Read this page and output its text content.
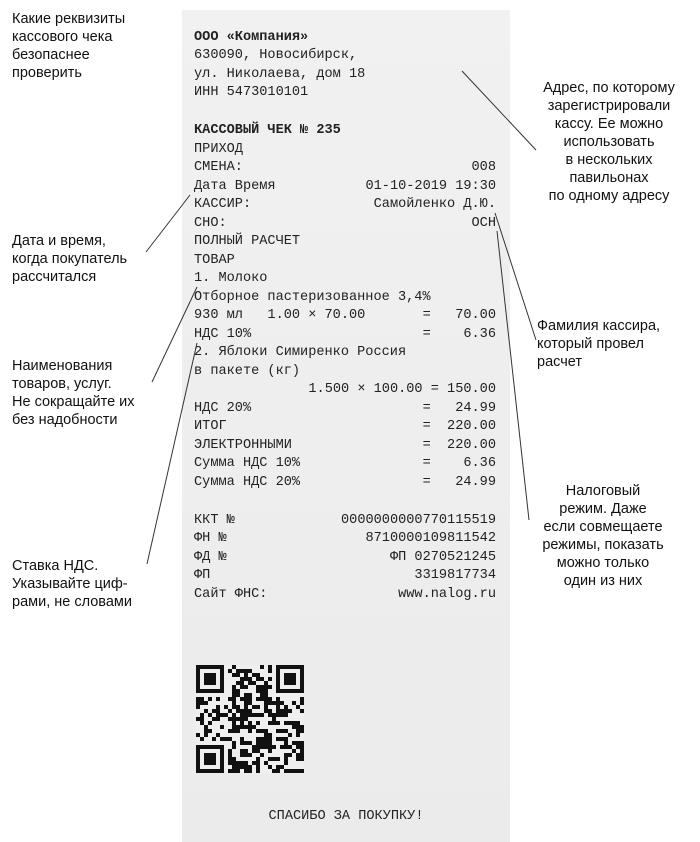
ООО «Компания»
630090, Новосибирск,
ул. Николаева, дом 18
ИНН 5473010101
КАССОВЫЙ ЧЕК № 235
ПРИХОД
СМЕНА:	008
Дата Время	01-10-2019 19:30
КАССИР:	Самойленко Д.Ю.
СНО:	ОСН
ПОЛНЫЙ РАСЧЕТ
ТОВАР
1. Молоко
Отборное пастеризованное 3,4%
930 мл   1.00 × 70.00	=   70.00
НДС 10%	=    6.36
2. Яблоки Симиренко Россия
в пакете (кг)
1.500 × 100.00 = 150.00
НДС 20%	=   24.99
ИТОГ	=  220.00
ЭЛЕКТРОННЫМИ	=  220.00
Сумма НДС 10%	=    6.36
Сумма НДС 20%	=   24.99
ККТ №	0000000000770115519
ФН №	8710000109811542
ФД №	ФП 0270521245
ФП	3319817734
Сайт ФНС:	www.nalog.ru
СПАСИБО ЗА ПОКУПКУ!
Какие реквизиты
кассового чека
безопаснее
проверить
Адрес, по которому
зарегистрировали
кассу. Ее можно
использовать
в нескольких
павильонах
по одному адресу
Дата и время,
когда покупатель
рассчитался
Наименования
товаров, услуг.
Не сокращайте их
без надобности
Фамилия кассира,
который провел
расчет
Налоговый
режим. Даже
если совмещаете
режимы, показать
можно только
один из них
Ставка НДС.
Указывайте циф-
рами, не словами
